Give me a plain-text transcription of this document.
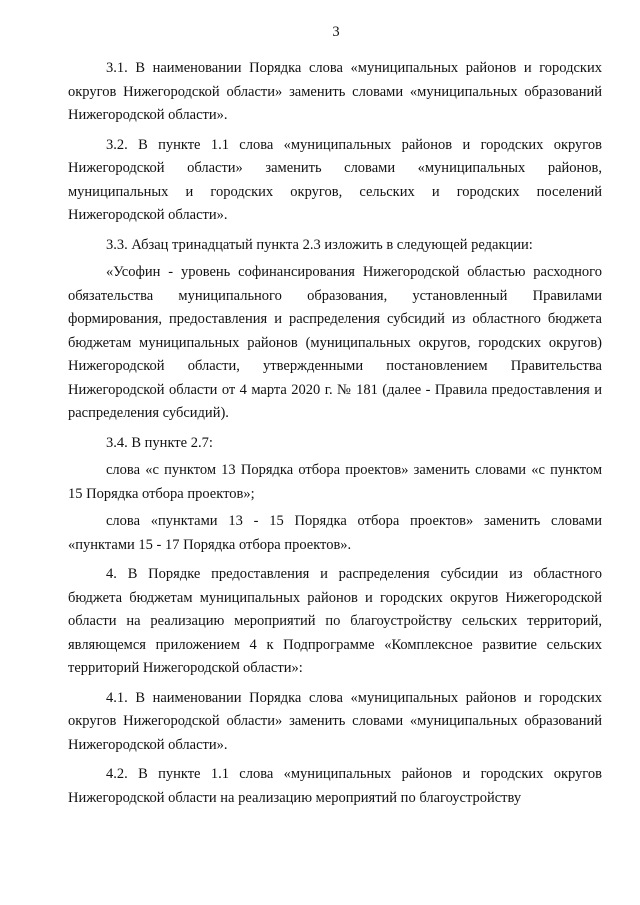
3

3.1. В наименовании Порядка слова «муниципальных районов и городских округов Нижегородской области» заменить словами «муниципальных образований Нижегородской области».

3.2. В пункте 1.1 слова «муниципальных районов и городских округов Нижегородской области» заменить словами «муниципальных районов, муниципальных и городских округов, сельских и городских поселений Нижегородской области».

3.3. Абзац тринадцатый пункта 2.3 изложить в следующей редакции:

«Усофин - уровень софинансирования Нижегородской областью расходного обязательства муниципального образования, установленный Правилами формирования, предоставления и распределения субсидий из областного бюджета бюджетам муниципальных районов (муниципальных округов, городских округов) Нижегородской области, утвержденными постановлением Правительства Нижегородской области от 4 марта 2020 г. № 181 (далее - Правила предоставления и распределения субсидий).

3.4. В пункте 2.7:

слова «с пунктом 13 Порядка отбора проектов» заменить словами «с пунктом 15 Порядка отбора проектов»;

слова «пунктами 13 - 15 Порядка отбора проектов» заменить словами «пунктами 15 - 17 Порядка отбора проектов».

4. В Порядке предоставления и распределения субсидии из областного бюджета бюджетам муниципальных районов и городских округов Нижегородской области на реализацию мероприятий по благоустройству сельских территорий, являющемся приложением 4 к Подпрограмме «Комплексное развитие сельских территорий Нижегородской области»:

4.1. В наименовании Порядка слова «муниципальных районов и городских округов Нижегородской области» заменить словами «муниципальных образований Нижегородской области».

4.2. В пункте 1.1 слова «муниципальных районов и городских округов Нижегородской области на реализацию мероприятий по благоустройству
